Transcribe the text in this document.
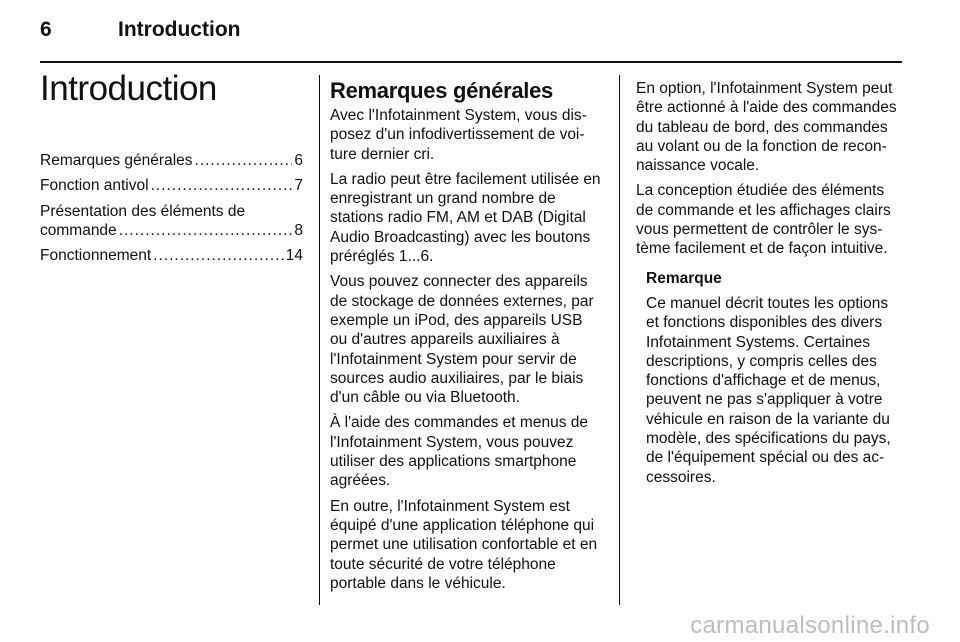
6	Introduction
Introduction
Remarques générales .....	6
Fonction antivol .....	7
Présentation des éléments de
commande .....	8
Fonctionnement .....	14
Remarques générales

Avec l'Infotainment System, vous disposez d'un infodivertissement de voiture dernier cri.

La radio peut être facilement utilisée en enregistrant un grand nombre de stations radio FM, AM et DAB (Digital Audio Broadcasting) avec les boutons préréglés 1...6.

Vous pouvez connecter des appareils de stockage de données externes, par exemple un iPod, des appareils USB ou d'autres appareils auxiliaires à l'Infotainment System pour servir de sources audio auxiliaires, par le biais d'un câble ou via Bluetooth.

À l'aide des commandes et menus de l'Infotainment System, vous pouvez utiliser des applications smartphone agréées.

En outre, l'Infotainment System est équipé d'une application téléphone qui permet une utilisation confortable et en toute sécurité de votre téléphone portable dans le véhicule.

En option, l'Infotainment System peut être actionné à l'aide des commandes du tableau de bord, des commandes au volant ou de la fonction de reconnaissance vocale.

La conception étudiée des éléments de commande et les affichages clairs vous permettent de contrôler le système facilement et de façon intuitive.

Remarque

Ce manuel décrit toutes les options et fonctions disponibles des divers Infotainment Systems. Certaines descriptions, y compris celles des fonctions d'affichage et de menus, peuvent ne pas s'appliquer à votre véhicule en raison de la variante du modèle, des spécifications du pays, de l'équipement spécial ou des accessoires.

carmanualsonline.info
